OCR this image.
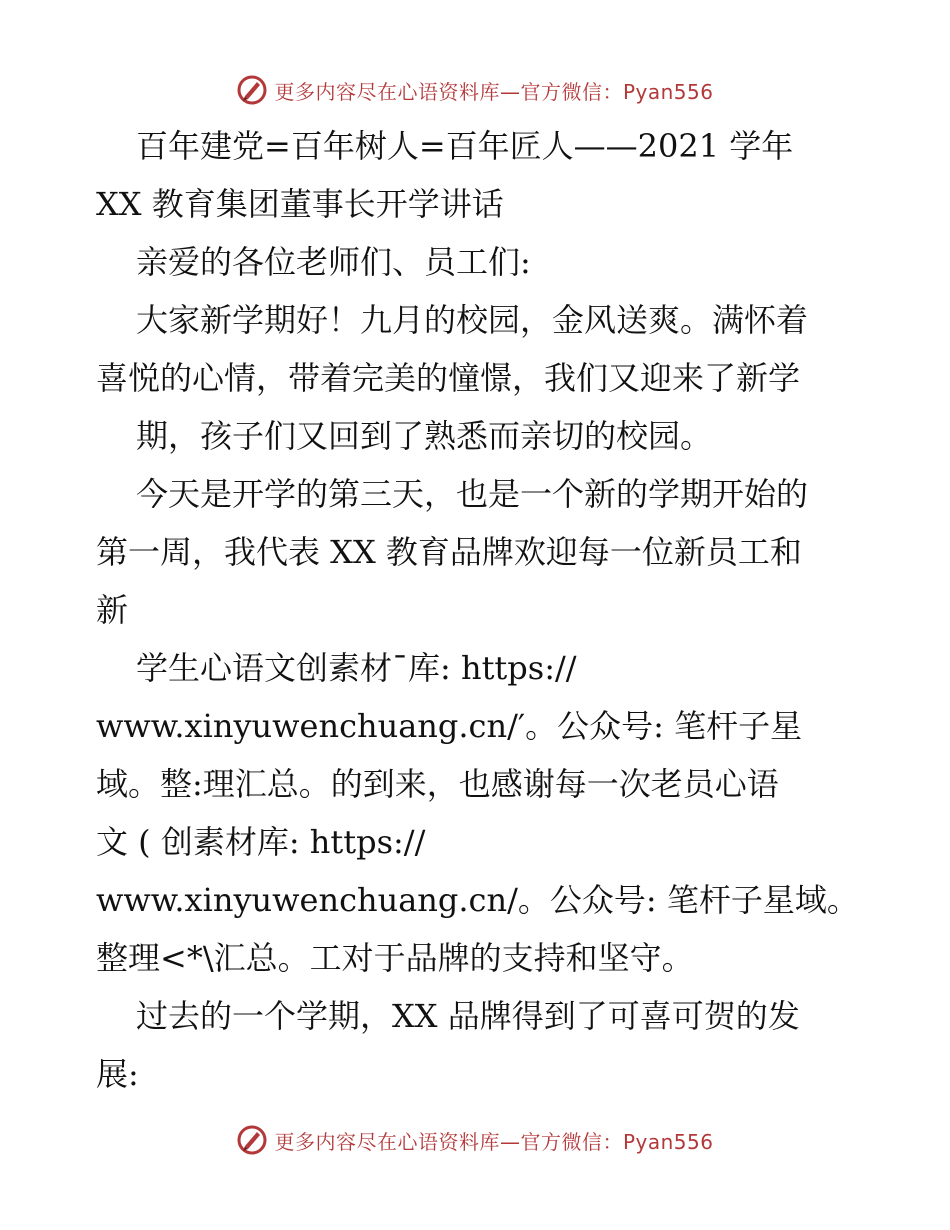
更多内容尽在心语资料库—官方微信：Pyan556
百年建党=百年树人=百年匠人——2021 学年
XX 教育集团董事长开学讲话
亲爱的各位老师们、员工们:
大家新学期好！九月的校园，金风送爽。满怀着
喜悦的心情，带着完美的憧憬，我们又迎来了新学
期，孩子们又回到了熟悉而亲切的校园。
今天是开学的第三天，也是一个新的学期开始的
第一周，我代表 XX 教育品牌欢迎每一位新员工和
新
学生心语文创素材¯库: https://
www.xinyuwenchuang.cn/′。公众号: 笔杆子星
域。整:理汇总。的到来，也感谢每一次老员心语
文 ( 创素材库: https://
www.xinyuwenchuang.cn/。公众号: 笔杆子星域。
整理<*\汇总。工对于品牌的支持和坚守。
过去的一个学期，XX 品牌得到了可喜可贺的发
展:
更多内容尽在心语资料库—官方微信：Pyan556
